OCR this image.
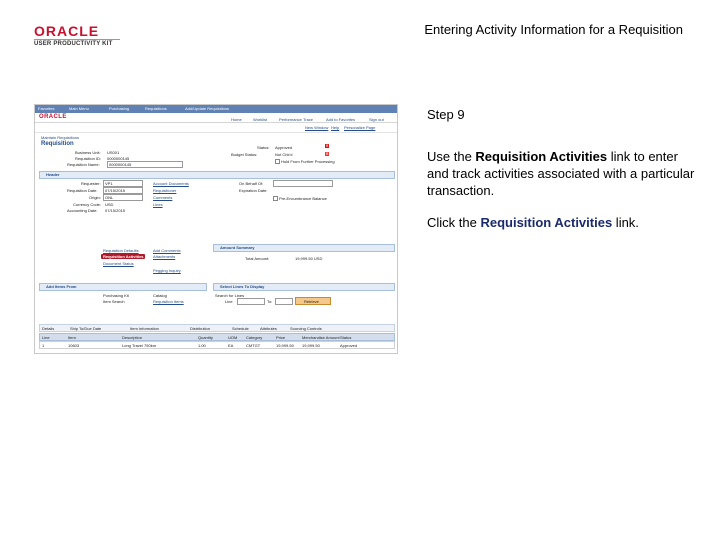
ORACLE
USER PRODUCTIVITY KIT
Entering Activity Information for a Requisition
Favorites	Main Menu	Purchasing	Requisitions	Add/Update Requisitions
ORACLE	Home	Worklist	Performance Trace	Add to Favorites	Sign out
New Window Help Personalize Page
Maintain Requisitions
Requisition
Business Unit: US001
Requisition ID: 0000000145
Requisition Name: 0000000145
Status: Approved	✕
Budget Status:	Not Chk'd	✕
Hold From Further Processing
Header
Requester: VP1
Requisition Date: 07/15/2015
Origin: ONL
Currency Code: USD
Accounting Date: 07/15/2015
Account Documents
Requisitioner
Comments
Lines
On Behalf Of:
Expiration Date:
Pre-Encumbrance Balance
Requisition Defaults
Requisition Activities
Document Status
Add Comments
Attachments
Pegging Inquiry
Amount Summary
Total Amount:	19,999.50 USD
Add Items From
Purchasing Kit	Catalog
Item Search	Requisition Items
Select Lines To Display
Search for Lines
Line	To:	Retrieve
Details	Ship To/Due Date	Item Information	Distribution	Schedule	Attributes	Sourcing Controls
Line	Item	Description	Quantity	UOM Category	Price	Merchandise Amount Status
1	10603	Long Travel 750km	1.00	EA	CMTGT	19,999.50 19,999.50	Approved
Step 9
Use the Requisition Activities link to enter and track activities associated with a particular transaction.
Click the Requisition Activities link.
